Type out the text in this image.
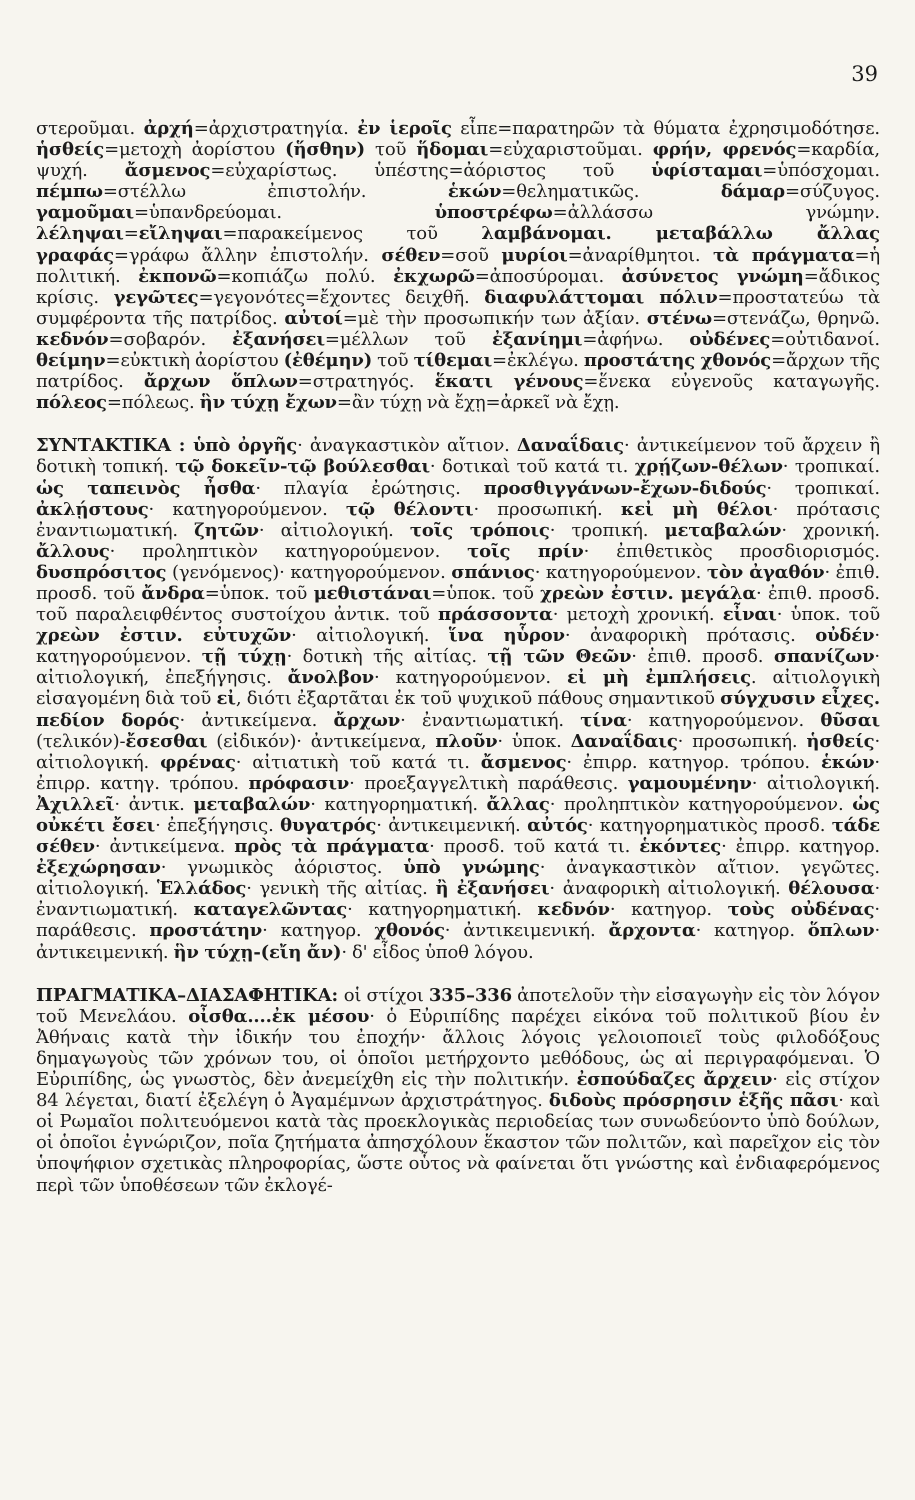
39

στεροῦμαι. ἀρχή=ἀρχιστρατηγία. ἐν ἱεροῖς εἶπε=παρατηρῶν τὰ θύματα ἐχρησιμοδότησε. ἡσθείς=μετοχὴ ἀορίστου (ἥσθην) τοῦ ἥδομαι=εὐχαριστοῦμαι. φρήν, φρενός=καρδία, ψυχή. ἄσμενος=εὐχαρίστως. ὑπέστης=ἀόριστος τοῦ ὑφίσταμαι=ὑπόσχομαι. πέμπω=στέλλω ἐπιστολήν. ἑκών=θεληματικῶς. δάμαρ=σύζυγος. γαμοῦμαι=ὑπανδρεύομαι. ὑποστρέφω=ἀλλάσσω γνώμην. λέληψαι=εἴληψαι=παρακείμενος τοῦ λαμβάνομαι. μεταβάλλω ἄλλας γραφάς=γράφω ἄλλην ἐπιστολήν. σέθεν=σοῦ μυρίοι=ἀναρίθμητοι. τὰ πράγματα=ἡ πολιτική. ἐκπονῶ=κοπιάζω πολύ. ἐκχωρῶ=ἀποσύρομαι. ἀσύνετος γνώμη=ἄδικος κρίσις. γεγῶτες=γεγονότες=ἔχοντες δειχθῆ. διαφυλάττομαι πόλιν=προστατεύω τὰ συμφέροντα τῆς πατρίδος. αὐτοί=μὲ τὴν προσωπικήν των ἀξίαν. στένω=στενάζω, θρηνῶ. κεδνόν=σοβαρόν. ἐξανήσει=μέλλων τοῦ ἐξανίημι=ἀφήνω. οὐδένες=οὐτιδανοί. θείμην=εὐκτικὴ ἀορίστου (ἐθέμην) τοῦ τίθεμαι=ἐκλέγω. προστάτης χθονός=ἄρχων τῆς πατρίδος. ἄρχων ὅπλων=στρατηγός. ἕκατι γένους=ἕνεκα εὐγενοῦς καταγωγῆς. πόλεος=πόλεως. ἣν τύχῃ ἔχων=ἂν τύχῃ νὰ ἔχῃ=ἀρκεῖ νὰ ἔχῃ.

ΣΥΝΤΑΚΤΙΚΑ : ὑπὸ ὀργῆς· ἀναγκαστικὸν αἴτιον. Δαναΐδαις· ἀντικείμενον τοῦ ἄρχειν ἢ δοτικὴ τοπική. τῷ δοκεῖν-τῷ βούλεσθαι· δοτικαὶ τοῦ κατά τι. χρῄζων-θέλων· τροπικαί. ὡς ταπεινὸς ἦσθα· πλαγία ἐρώτησις. προσθιγγάνων-ἔχων-διδούς· τροπικαί. ἀκλῄστους· κατηγορούμενον. τῷ θέλοντι· προσωπική. κεἰ μὴ θέλοι· πρότασις ἐναντιωματική. ζητῶν· αἰτιολογική. τοῖς τρόποις· τροπική. μεταβαλών· χρονική. ἄλλους· προληπτικὸν κατηγορούμενον. τοῖς πρίν· ἐπιθετικὸς προσδιορισμός. δυσπρόσιτος (γενόμενος)· κατηγορούμενον. σπάνιος· κατηγορούμενον. τὸν ἀγαθόν· ἐπιθ. προσδ. τοῦ ἄνδρα=ὑποκ. τοῦ μεθιστάναι=ὑποκ. τοῦ χρεὼν ἐστιν. μεγάλα· ἐπιθ. προσδ. τοῦ παραλειφθέντος συστοίχου ἀντικ. τοῦ πράσσοντα· μετοχὴ χρονική. εἶναι· ὑποκ. τοῦ χρεὼν ἐστιν. εὐτυχῶν· αἰτιολογική. ἵνα ηὗρον· ἀναφορικὴ πρότασις. οὐδέν· κατηγορούμενον. τῇ τύχῃ· δοτικὴ τῆς αἰτίας. τῇ τῶν Θεῶν· ἐπιθ. προσδ. σπανίζων· αἰτιολογική, ἐπεξήγησις. ἄνολβον· κατηγορούμενον. εἰ μὴ ἐμπλήσεις. αἰτιολογικὴ εἰσαγομένη διὰ τοῦ εἰ, διότι ἐξαρτᾶται ἐκ τοῦ ψυχικοῦ πάθους σημαντικοῦ σύγχυσιν εἶχες. πεδίον δορός· ἀντικείμενα. ἄρχων· ἐναντιωματική. τίνα· κατηγορούμενον. θῦσαι (τελικόν)-ἔσεσθαι (εἰδικόν)· ἀντικείμενα, πλοῦν· ὑποκ. Δαναΐδαις· προσωπική. ἡσθείς· αἰτιολογική. φρένας· αἰτιατικὴ τοῦ κατά τι. ἄσμενος· ἐπιρρ. κατηγορ. τρόπου. ἑκών· ἐπιρρ. κατηγ. τρόπου. πρόφασιν· προεξαγγελτικὴ παράθεσις. γαμουμένην· αἰτιολογική. Ἀχιλλεῖ· ἀντικ. μεταβαλών· κατηγορηματική. ἄλλας· προληπτικὸν κατηγορούμενον. ὡς οὐκέτι ἔσει· ἐπεξήγησις. θυγατρός· ἀντικειμενική. αὐτός· κατηγορηματικὸς προσδ. τάδε σέθεν· ἀντικείμενα. πρὸς τὰ πράγματα· προσδ. τοῦ κατά τι. ἑκόντες· ἐπιρρ. κατηγορ. ἐξεχώρησαν· γνωμικὸς ἀόριστος. ὑπὸ γνώμης· ἀναγκαστικὸν αἴτιον. γεγῶτες. αἰτιολογική. Ἑλλάδος· γενικὴ τῆς αἰτίας. ἢ ἐξανήσει· ἀναφορικὴ αἰτιολογική. θέλουσα· ἐναντιωματική. καταγελῶντας· κατηγορηματική. κεδνόν· κατηγορ. τοὺς οὐδένας· παράθεσις. προστάτην· κατηγορ. χθονός· ἀντικειμενική. ἄρχοντα· κατηγορ. ὅπλων· ἀντικειμενική. ἣν τύχῃ-(εἴη ἄν)· δ' εἶδος ὑποθ λόγου.

ΠΡΑΓΜΑΤΙΚΑ–ΔΙΑΣΑΦΗΤΙΚΑ: οἱ στίχοι 335–336 ἀποτελοῦν τὴν εἰσαγωγὴν εἰς τὸν λόγον τοῦ Μενελάου. οἶσθα....ἐκ μέσου· ὁ Εὐριπίδης παρέχει εἰκόνα τοῦ πολιτικοῦ βίου ἐν Ἀθήναις κατὰ τὴν ἰδικήν του ἐποχήν· ἄλλοις λόγοις γελοιοποιεῖ τοὺς φιλοδόξους δημαγωγοὺς τῶν χρόνων του, οἱ ὁποῖοι μετήρχοντο μεθόδους, ὡς αἱ περιγραφόμεναι. Ὁ Εὐριπίδης, ὡς γνωστὸς, δὲν ἀνεμείχθη εἰς τὴν πολιτικήν. ἐσπούδαζες ἄρχειν· εἰς στίχον 84 λέγεται, διατί ἐξελέγη ὁ Ἀγαμέμνων ἀρχιστράτηγος. διδοὺς πρόσρησιν ἑξῆς πᾶσι· καὶ οἱ Ρωμαῖοι πολιτευόμενοι κατὰ τὰς προεκλογικὰς περιοδείας των συνωδεύοντο ὑπὸ δούλων, οἱ ὁποῖοι ἐγνώριζον, ποῖα ζητήματα ἀπησχόλουν ἕκαστον τῶν πολιτῶν, καὶ παρεῖχον εἰς τὸν ὑποψήφιον σχετικὰς πληροφορίας, ὥστε οὗτος νὰ φαίνεται ὅτι γνώστης καὶ ἐνδιαφερόμενος περὶ τῶν ὑποθέσεων τῶν ἐκλογέ-
